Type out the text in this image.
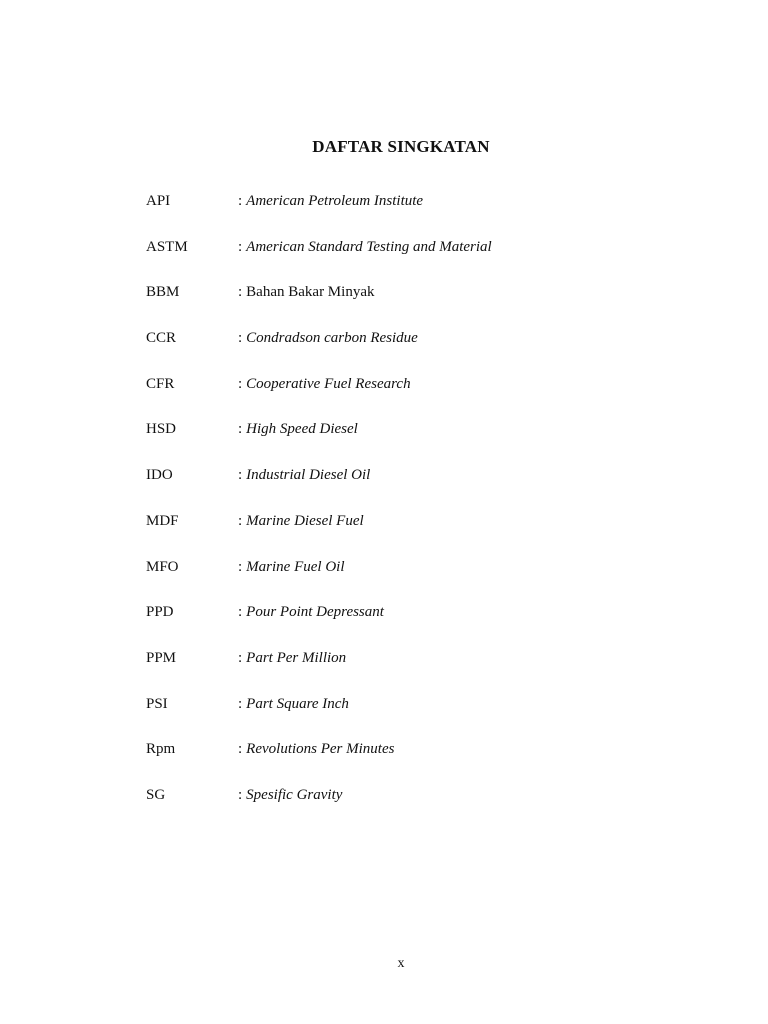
DAFTAR SINGKATAN
API	: American Petroleum Institute
ASTM	: American Standard Testing and Material
BBM	: Bahan Bakar Minyak
CCR	: Condradson carbon Residue
CFR	: Cooperative Fuel Research
HSD	: High Speed Diesel
IDO	: Industrial Diesel Oil
MDF	: Marine Diesel Fuel
MFO	: Marine Fuel Oil
PPD	: Pour Point Depressant
PPM	: Part Per Million
PSI	: Part Square Inch
Rpm	: Revolutions Per Minutes
SG	: Spesific Gravity
x
